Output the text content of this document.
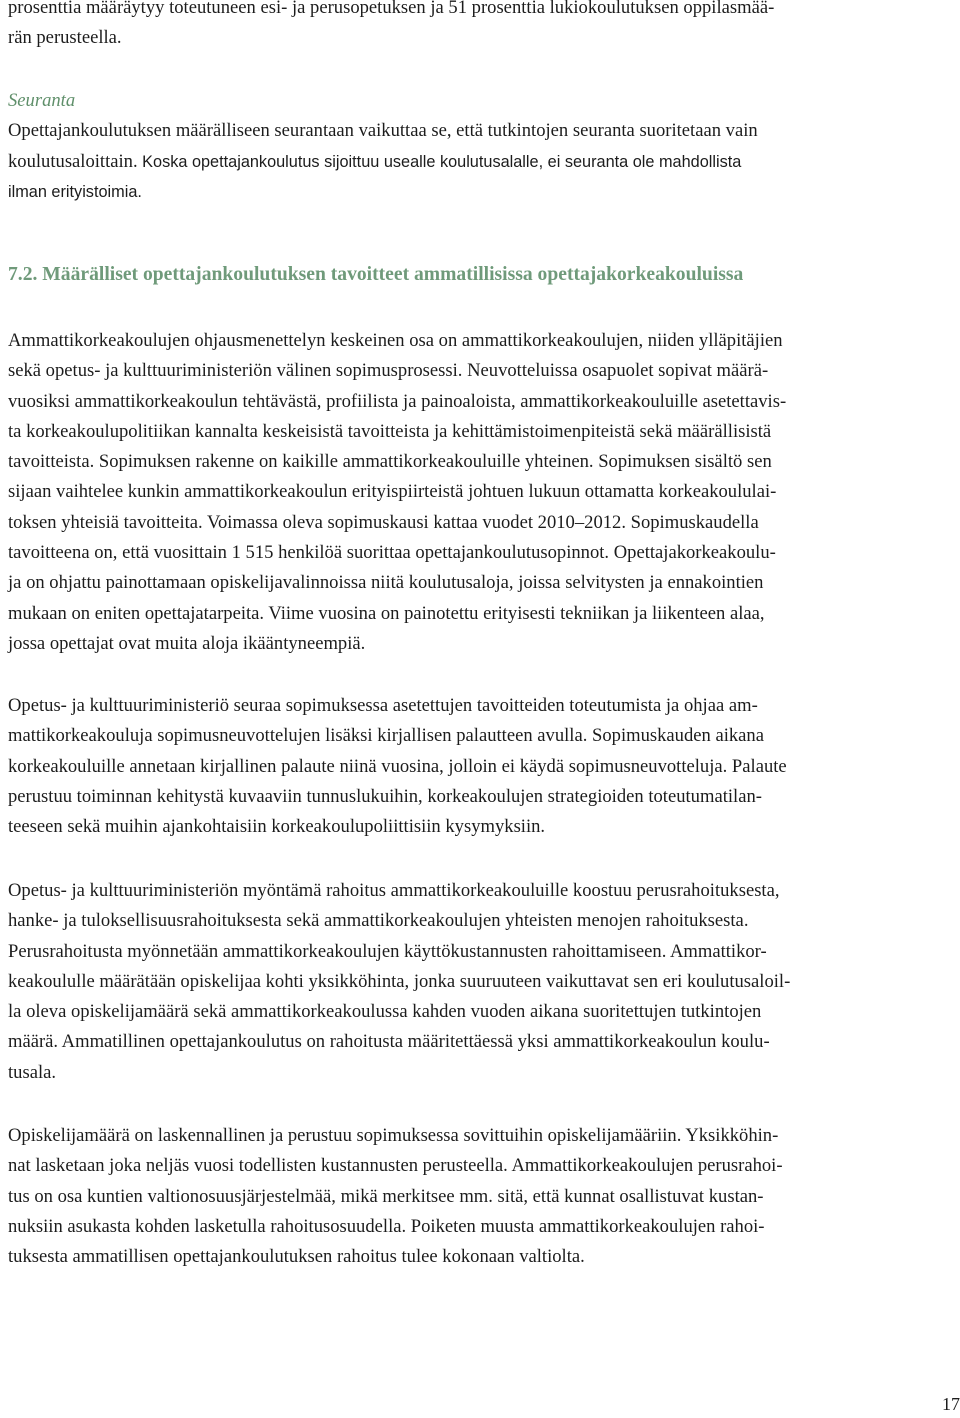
prosenttia määräytyy toteutuneen esi- ja perusopetuksen ja 51 prosenttia lukiokoulutuksen oppilasmää-
rän perusteella.
Seuranta
Opettajankoulutuksen määrälliseen seurantaan vaikuttaa se, että tutkintojen seuranta suoritetaan vain
koulutusaloittain. Koska opettajankoulutus sijoittuu usealle koulutusalalle, ei seuranta ole mahdollista
ilman erityistoimia.
7.2. Määrälliset opettajankoulutuksen tavoitteet ammatillisissa opettajakorkeakouluissa
Ammattikorkeakoulujen ohjausmenettelyn keskeinen osa on ammattikorkeakoulujen, niiden ylläpitäjien
sekä opetus- ja kulttuuriministeriön välinen sopimusprosessi. Neuvotteluissa osapuolet sopivat määrä-
vuosiksi ammattikorkeakoulun tehtävästä, profiilista ja painoaloista, ammattikorkeakouluille asetettavis-
ta korkeakoulupolitiikan kannalta keskeisistä tavoitteista ja kehittämistoimenpiteistä sekä määrällisistä
tavoitteista. Sopimuksen rakenne on kaikille ammattikorkeakouluille yhteinen. Sopimuksen sisältö sen
sijaan vaihtelee kunkin ammattikorkeakoulun erityispiirteistä johtuen lukuun ottamatta korkeakoululai-
toksen yhteisiä tavoitteita. Voimassa oleva sopimuskausi kattaa vuodet 2010–2012. Sopimuskaudella
tavoitteena on, että vuosittain 1 515 henkilöä suorittaa opettajankoulutusopinnot. Opettajakorkeakoulu-
ja on ohjattu painottamaan opiskelijavalinnoissa niitä koulutusaloja, joissa selvitysten ja ennakointien
mukaan on eniten opettajatarpeita. Viime vuosina on painotettu erityisesti tekniikan ja liikenteen alaa,
jossa opettajat ovat muita aloja ikääntyneempiä.
Opetus- ja kulttuuriministeriö seuraa sopimuksessa asetettujen tavoitteiden toteutumista ja ohjaa am-
mattikorkeakouluja sopimusneuvottelujen lisäksi kirjallisen palautteen avulla. Sopimuskauden aikana
korkeakouluille annetaan kirjallinen palaute niinä vuosina, jolloin ei käydä sopimusneuvotteluja. Palaute
perustuu toiminnan kehitystä kuvaaviin tunnuslukuihin, korkeakoulujen strategioiden toteutumatilan-
teeseen sekä muihin ajankohtaisiin korkeakoulupoliittisiin kysymyksiin.
Opetus- ja kulttuuriministeriön myöntämä rahoitus ammattikorkeakouluille koostuu perusrahoituksesta,
hanke- ja tuloksellisuusrahoituksesta sekä ammattikorkeakoulujen yhteisten menojen rahoituksesta.
Perusrahoitusta myönnetään ammattikorkeakoulujen käyttökustannusten rahoittamiseen. Ammattikor-
keakoululle määrätään opiskelijaa kohti yksikköhinta, jonka suuruuteen vaikuttavat sen eri koulutusaloil-
la oleva opiskelijamäärä sekä ammattikorkeakoulussa kahden vuoden aikana suoritettujen tutkintojen
määrä. Ammatillinen opettajankoulutus on rahoitusta määritettäessä yksi ammattikorkeakoulun koulu-
tusala.
Opiskelijamäärä on laskennallinen ja perustuu sopimuksessa sovittuihin opiskelijamääriin. Yksikköhin-
nat lasketaan joka neljäs vuosi todellisten kustannusten perusteella. Ammattikorkeakoulujen perusrahoi-
tus on osa kuntien valtionosuusjärjestelmää, mikä merkitsee mm. sitä, että kunnat osallistuvat kustan-
nuksiin asukasta kohden lasketulla rahoitusosuudella. Poiketen muusta ammattikorkeakoulujen rahoi-
tuksesta ammatillisen opettajankoulutuksen rahoitus tulee kokonaan valtiolta.
17
